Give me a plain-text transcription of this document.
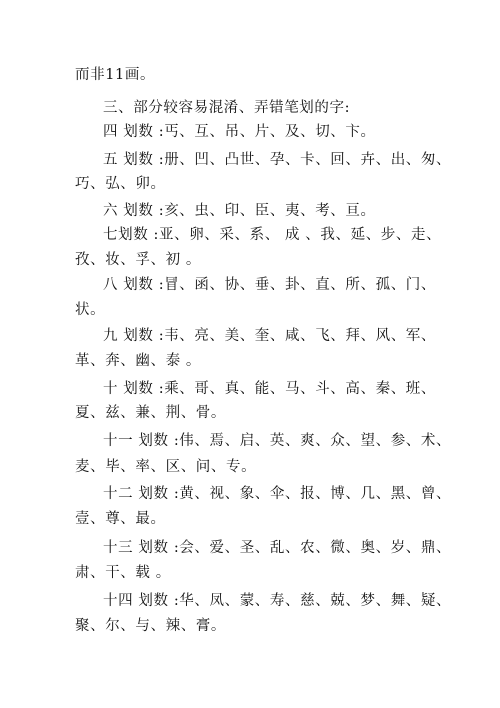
而非11画。
三、部分较容易混淆、弄错笔划的字:
四 划数 :丐、互、吊、片、及、切、卞。
五 划数 :册、凹、凸世、孕、卡、回、卉、出、匆、
巧、弘、卯。
六 划数 :亥、虫、印、臣、夷、考、亘。
七划数 :亚、卵、采、系、 成 、我、延、步、走、
孜、妆、孚、初 。
八 划数 :冒、函、协、垂、卦、直、所、孤、门、
状。
九 划数 :韦、亮、美、奎、咸、飞、拜、风、军、
革、奔、幽、泰 。
十 划数 :乘、哥、真、能、马、斗、高、秦、班、
夏、兹、兼、荆、骨。
十一 划数 :伟、焉、启、英、爽、众、望、参、术、
麦、毕、率、区、问、专。
十二 划数 :黄、视、象、伞、报、博、几、黑、曾、
壹、尊、最。
十三 划数 :会、爱、圣、乱、农、微、奥、岁、鼎、
肃、干、载 。
十四 划数 :华、凤、蒙、寿、慈、兢、梦、舞、疑、
聚、尔、与、辣、膏。
